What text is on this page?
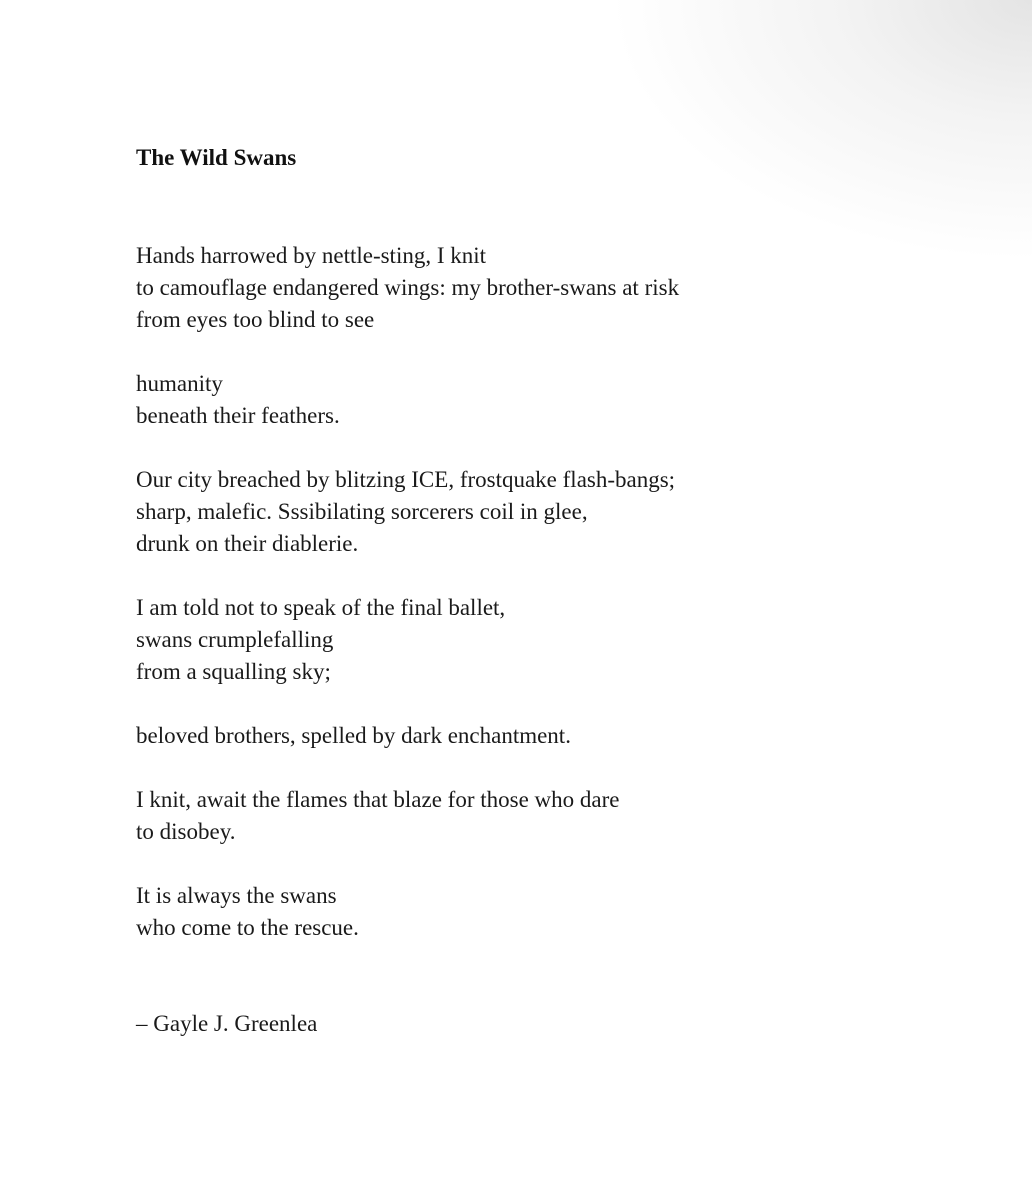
The Wild Swans
Hands harrowed by nettle-sting, I knit
to camouflage endangered wings: my brother-swans at risk
from eyes too blind to see
humanity
beneath their feathers.
Our city breached by blitzing ICE, frostquake flash-bangs;
sharp, malefic. Sssibilating sorcerers coil in glee,
drunk on their diablerie.
I am told not to speak of the final ballet,
swans crumplefalling
from a squalling sky;
beloved brothers, spelled by dark enchantment.
I knit, await the flames that blaze for those who dare
to disobey.
It is always the swans
who come to the rescue.

– Gayle J. Greenlea
